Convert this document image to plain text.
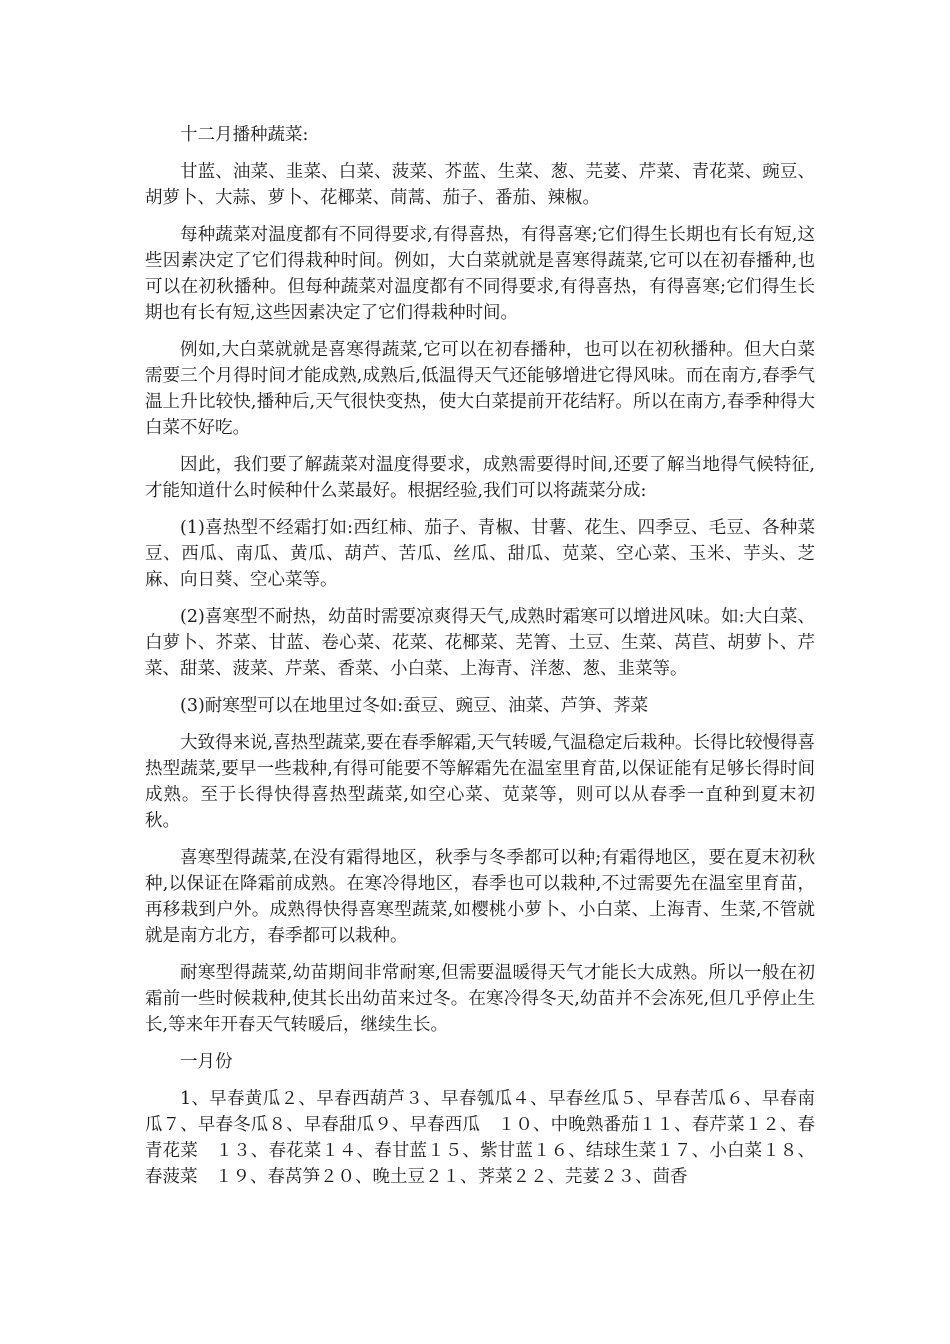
十二月播种蔬菜:

甘蓝、油菜、韭菜、白菜、菠菜、芥蓝、生菜、葱、芫荽、芹菜、青花菜、豌豆、胡萝卜、大蒜、萝卜、花椰菜、茼蒿、茄子、番茄、辣椒。

每种蔬菜对温度都有不同得要求,有得喜热，有得喜寒;它们得生长期也有长有短,这些因素决定了它们得栽种时间。例如，大白菜就就是喜寒得蔬菜,它可以在初春播种,也可以在初秋播种。但每种蔬菜对温度都有不同得要求,有得喜热，有得喜寒;它们得生长期也有长有短,这些因素决定了它们得栽种时间。

例如,大白菜就就是喜寒得蔬菜,它可以在初春播种，也可以在初秋播种。但大白菜需要三个月得时间才能成熟,成熟后,低温得天气还能够增进它得风味。而在南方,春季气温上升比较快,播种后,天气很快变热，使大白菜提前开花结籽。所以在南方,春季种得大白菜不好吃。

因此，我们要了解蔬菜对温度得要求，成熟需要得时间,还要了解当地得气候特征,才能知道什么时候种什么菜最好。根据经验,我们可以将蔬菜分成:

(1)喜热型不经霜打如:西红柿、茄子、青椒、甘薯、花生、四季豆、毛豆、各种菜豆、西瓜、南瓜、黄瓜、葫芦、苦瓜、丝瓜、甜瓜、苋菜、空心菜、玉米、芋头、芝麻、向日葵、空心菜等。

(2)喜寒型不耐热，幼苗时需要凉爽得天气,成熟时霜寒可以增进风味。如:大白菜、白萝卜、芥菜、甘蓝、卷心菜、花菜、花椰菜、芜箐、土豆、生菜、莴苣、胡萝卜、芹菜、甜菜、菠菜、芹菜、香菜、小白菜、上海青、洋葱、葱、韭菜等。

(3)耐寒型可以在地里过冬如:蚕豆、豌豆、油菜、芦笋、荠菜

大致得来说,喜热型蔬菜,要在春季解霜,天气转暖,气温稳定后栽种。长得比较慢得喜热型蔬菜,要早一些栽种,有得可能要不等解霜先在温室里育苗,以保证能有足够长得时间成熟。至于长得快得喜热型蔬菜,如空心菜、苋菜等，则可以从春季一直种到夏末初秋。

喜寒型得蔬菜,在没有霜得地区，秋季与冬季都可以种;有霜得地区，要在夏末初秋种,以保证在降霜前成熟。在寒冷得地区，春季也可以栽种,不过需要先在温室里育苗，再移栽到户外。成熟得快得喜寒型蔬菜,如樱桃小萝卜、小白菜、上海青、生菜,不管就就是南方北方，春季都可以栽种。

耐寒型得蔬菜,幼苗期间非常耐寒,但需要温暖得天气才能长大成熟。所以一般在初霜前一些时候栽种,使其长出幼苗来过冬。在寒冷得冬天,幼苗并不会冻死,但几乎停止生长,等来年开春天气转暖后，继续生长。

一月份

1、早春黄瓜２、早春西葫芦３、早春瓠瓜４、早春丝瓜５、早春苦瓜６、早春南瓜７、早春冬瓜８、早春甜瓜９、早春西瓜　１０、中晚熟番茄１１、春芹菜１２、春青花菜　１３、春花菜１４、春甘蓝１５、紫甘蓝１６、结球生菜１７、小白菜１８、春菠菜　１９、春莴笋２０、晚土豆２１、荠菜２２、芫荽２３、茴香
